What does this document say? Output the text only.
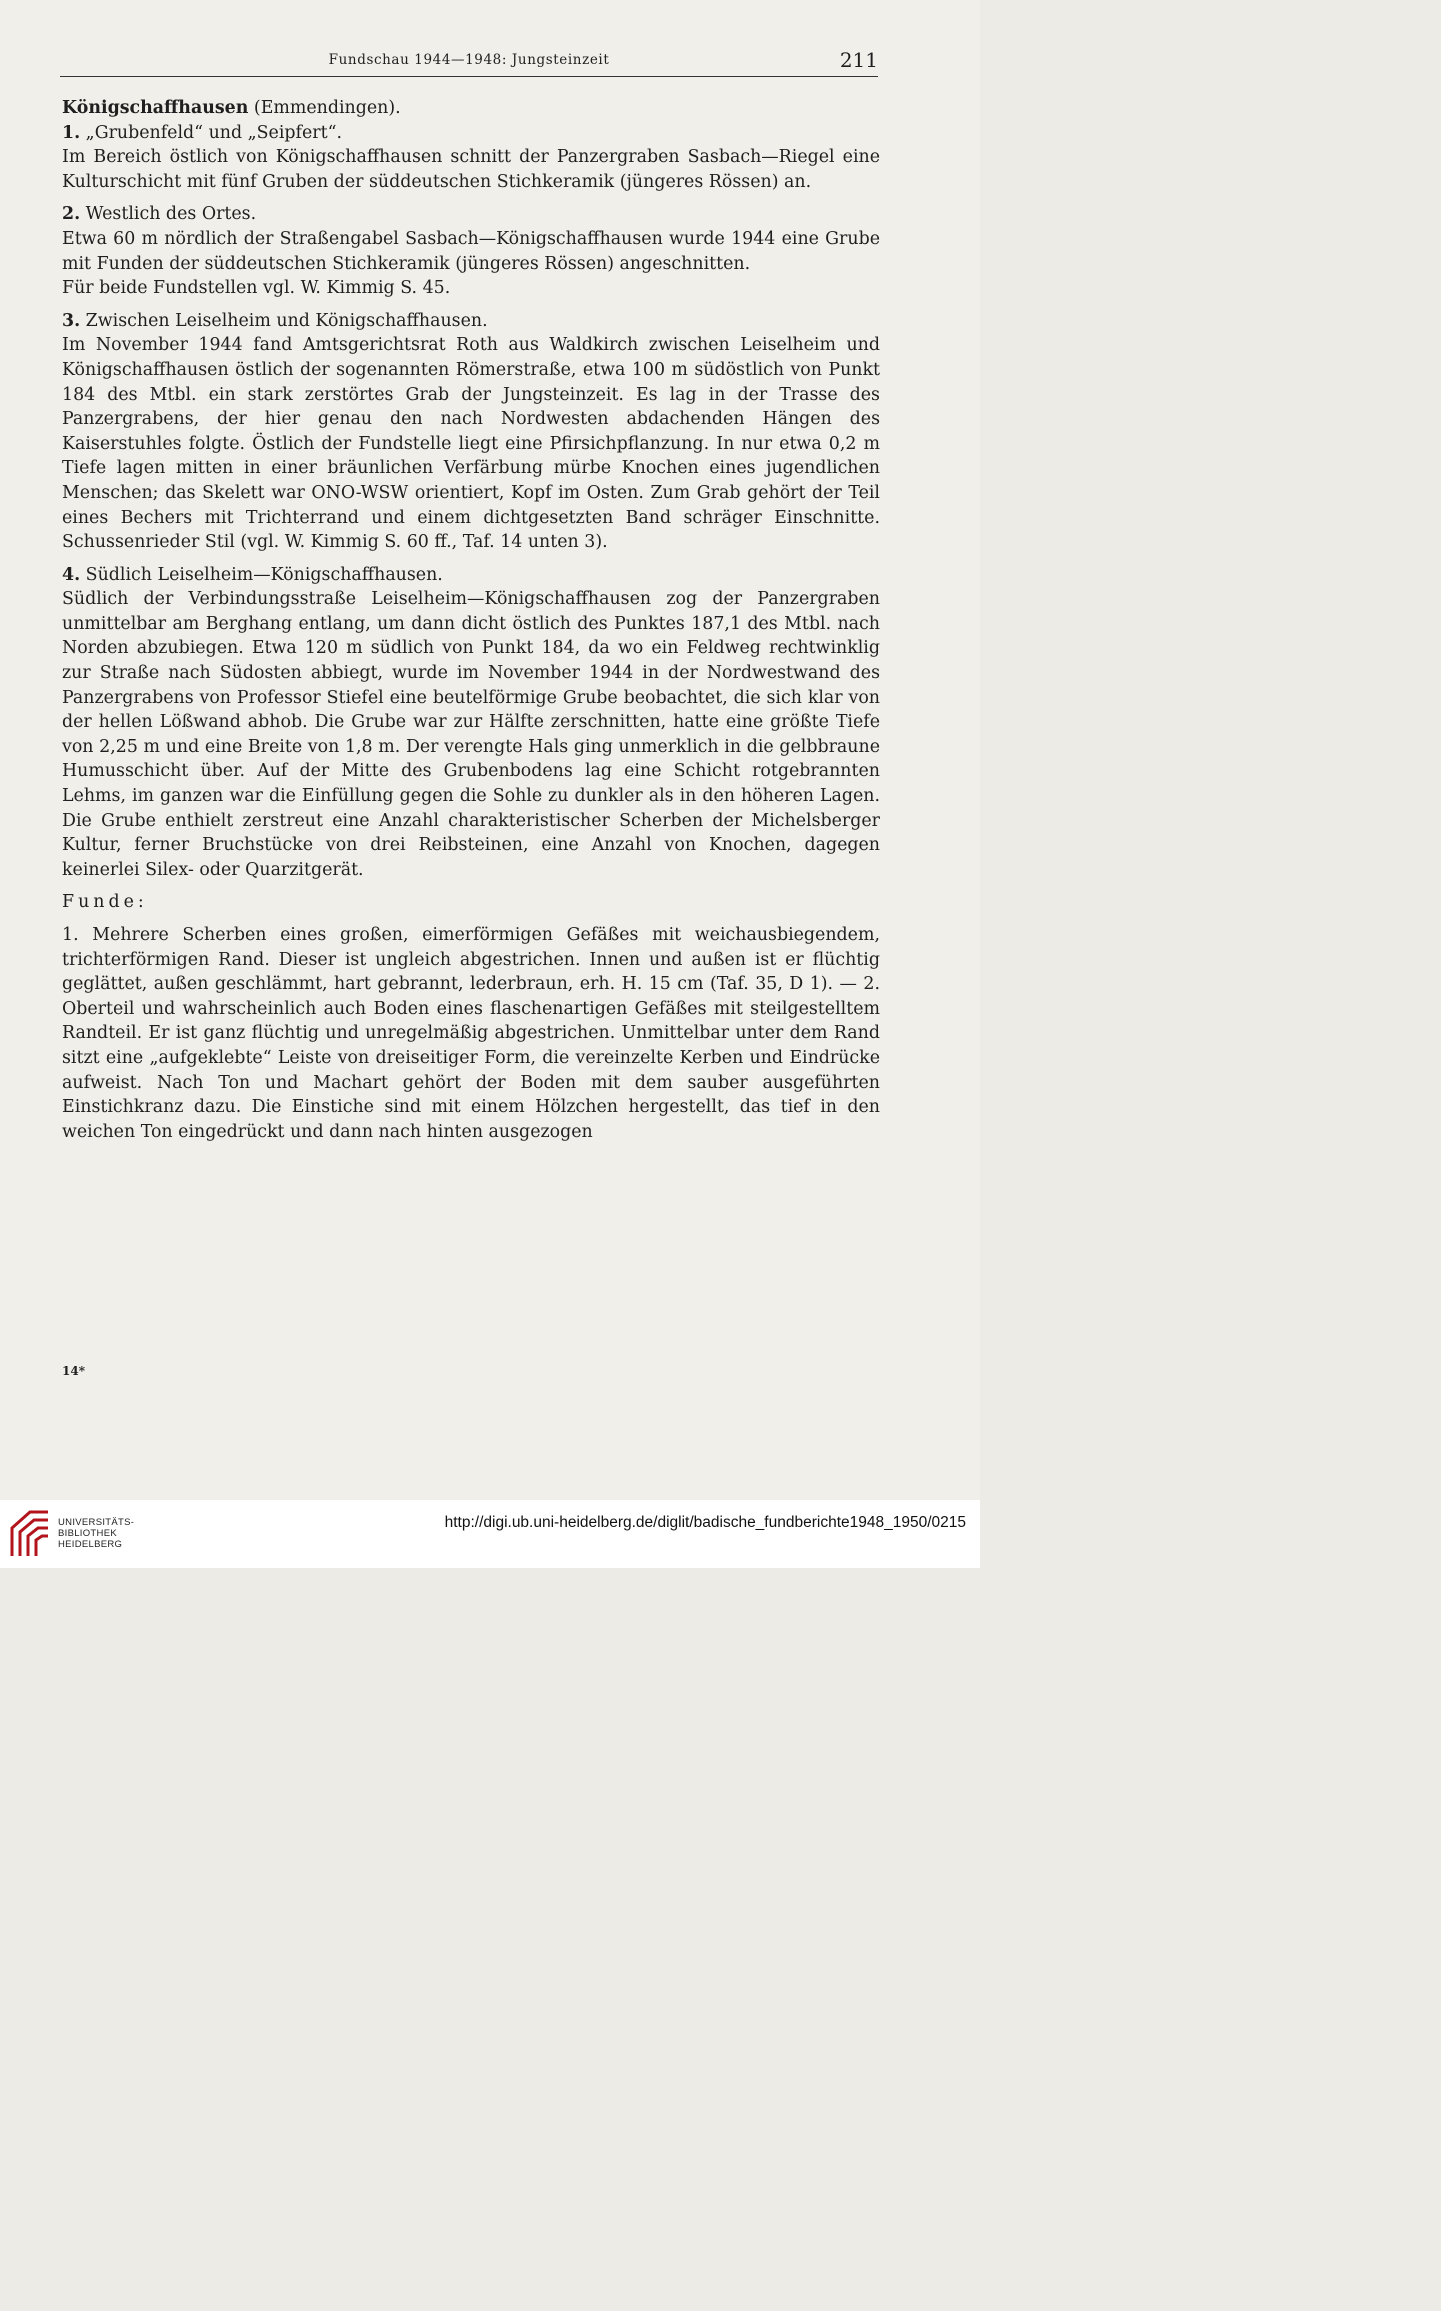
Fundschau 1944—1948: Jungsteinzeit	211

Königschaffhausen (Emmendingen).

1. „Grubenfeld“ und „Seipfert“.

Im Bereich östlich von Königschaffhausen schnitt der Panzergraben Sasbach—Riegel eine Kulturschicht mit fünf Gruben der süddeutschen Stichkeramik (jüngeres Rössen) an.

2. Westlich des Ortes.

Etwa 60 m nördlich der Straßengabel Sasbach—Königschaffhausen wurde 1944 eine Grube mit Funden der süddeutschen Stichkeramik (jüngeres Rössen) angeschnitten.

Für beide Fundstellen vgl. W. Kimmig S. 45.

3. Zwischen Leiselheim und Königschaffhausen.

Im November 1944 fand Amtsgerichtsrat Roth aus Waldkirch zwischen Leiselheim und Königschaffhausen östlich der sogenannten Römerstraße, etwa 100 m südöstlich von Punkt 184 des Mtbl. ein stark zerstörtes Grab der Jungsteinzeit. Es lag in der Trasse des Panzergrabens, der hier genau den nach Nordwesten abdachenden Hängen des Kaiserstuhles folgte. Östlich der Fundstelle liegt eine Pfirsichpflanzung. In nur etwa 0,2 m Tiefe lagen mitten in einer bräunlichen Verfärbung mürbe Knochen eines jugendlichen Menschen; das Skelett war ONO-WSW orientiert, Kopf im Osten. Zum Grab gehört der Teil eines Bechers mit Trichterrand und einem dichtgesetzten Band schräger Einschnitte. Schussenrieder Stil (vgl. W. Kimmig S. 60 ff., Taf. 14 unten 3).

4. Südlich Leiselheim—Königschaffhausen.

Südlich der Verbindungsstraße Leiselheim—Königschaffhausen zog der Panzergraben unmittelbar am Berghang entlang, um dann dicht östlich des Punktes 187,1 des Mtbl. nach Norden abzubiegen. Etwa 120 m südlich von Punkt 184, da wo ein Feldweg rechtwinklig zur Straße nach Südosten abbiegt, wurde im November 1944 in der Nordwestwand des Panzergrabens von Professor Stiefel eine beutelförmige Grube beobachtet, die sich klar von der hellen Lößwand abhob. Die Grube war zur Hälfte zerschnitten, hatte eine größte Tiefe von 2,25 m und eine Breite von 1,8 m. Der verengte Hals ging unmerklich in die gelbbraune Humusschicht über. Auf der Mitte des Grubenbodens lag eine Schicht rotgebrannten Lehms, im ganzen war die Einfüllung gegen die Sohle zu dunkler als in den höheren Lagen. Die Grube enthielt zerstreut eine Anzahl charakteristischer Scherben der Michelsberger Kultur, ferner Bruchstücke von drei Reibsteinen, eine Anzahl von Knochen, dagegen keinerlei Silex- oder Quarzitgerät.

Funde:

1. Mehrere Scherben eines großen, eimerförmigen Gefäßes mit weichausbiegendem, trichterförmigen Rand. Dieser ist ungleich abgestrichen. Innen und außen ist er flüchtig geglättet, außen geschlämmt, hart gebrannt, lederbraun, erh. H. 15 cm (Taf. 35, D 1). — 2. Oberteil und wahrscheinlich auch Boden eines flaschenartigen Gefäßes mit steilgestelltem Randteil. Er ist ganz flüchtig und unregelmäßig abgestrichen. Unmittelbar unter dem Rand sitzt eine „aufgeklebte“ Leiste von dreiseitiger Form, die vereinzelte Kerben und Eindrücke aufweist. Nach Ton und Machart gehört der Boden mit dem sauber ausgeführten Einstichkranz dazu. Die Einstiche sind mit einem Hölzchen hergestellt, das tief in den weichen Ton eingedrückt und dann nach hinten ausgezogen

14*
UNIVERSITÄTS-
BIBLIOTHEK
HEIDELBERG
http://digi.ub.uni-heidelberg.de/diglit/badische_fundberichte1948_1950/0215
